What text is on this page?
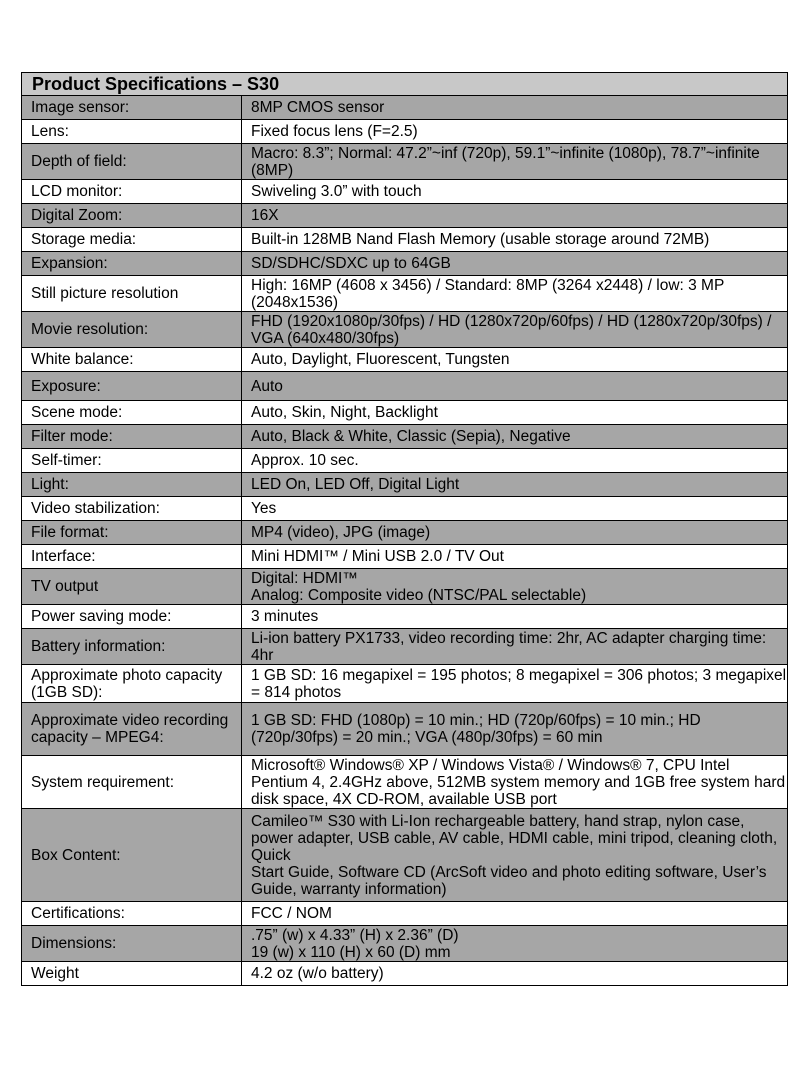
Product Specifications – S30	
Image sensor:	8MP CMOS sensor

Lens:	Fixed focus lens (F=2.5)

Depth of field:	Macro: 8.3”; Normal: 47.2”~inf (720p), 59.1”~infinite (1080p), 78.7”~infinite (8MP)

LCD monitor:	Swiveling 3.0” with touch

Digital Zoom:	16X

Storage media:	Built-in 128MB Nand Flash Memory (usable storage around 72MB)

Expansion:	SD/SDHC/SDXC up to 64GB

Still picture resolution	High: 16MP (4608 x 3456) / Standard: 8MP (3264 x2448) / low: 3 MP (2048x1536)

Movie resolution:	FHD (1920x1080p/30fps) / HD (1280x720p/60fps) / HD (1280x720p/30fps) / VGA (640x480/30fps)

White balance:	Auto, Daylight, Fluorescent, Tungsten

Exposure:	Auto

Scene mode:	Auto, Skin, Night, Backlight

Filter mode:	Auto, Black & White, Classic (Sepia), Negative

Self-timer:	Approx. 10 sec.

Light:	LED On, LED Off, Digital Light

Video stabilization:	Yes

File format:	MP4 (video), JPG (image)

Interface:	Mini HDMI™ / Mini USB 2.0 / TV Out

TV output	Digital: HDMI™
Analog: Composite video (NTSC/PAL selectable)

Power saving mode:	3 minutes

Battery information:	Li-ion battery PX1733, video recording time: 2hr, AC adapter charging time: 4hr

Approximate photo capacity (1GB SD):	1 GB SD: 16 megapixel = 195 photos; 8 megapixel = 306 photos; 3 megapixel = 814 photos

Approximate video recording capacity – MPEG4:	1 GB SD: FHD (1080p) = 10 min.; HD (720p/60fps) = 10 min.; HD (720p/30fps) = 20 min.; VGA (480p/30fps) = 60 min

System requirement:	Microsoft® Windows® XP / Windows Vista® / Windows® 7, CPU Intel Pentium 4, 2.4GHz above, 512MB system memory and 1GB free system hard disk space, 4X CD-ROM, available USB port

Box Content:	Camileo™ S30 with Li-Ion rechargeable battery, hand strap, nylon case, power adapter, USB cable, AV cable, HDMI cable, mini tripod, cleaning cloth, Quick
Start Guide, Software CD (ArcSoft video and photo editing software, User’s Guide, warranty information)

Certifications:	FCC / NOM

Dimensions:	.75” (w) x 4.33” (H) x 2.36” (D)
19 (w) x 110 (H) x 60 (D) mm

Weight	4.2 oz (w/o battery)
